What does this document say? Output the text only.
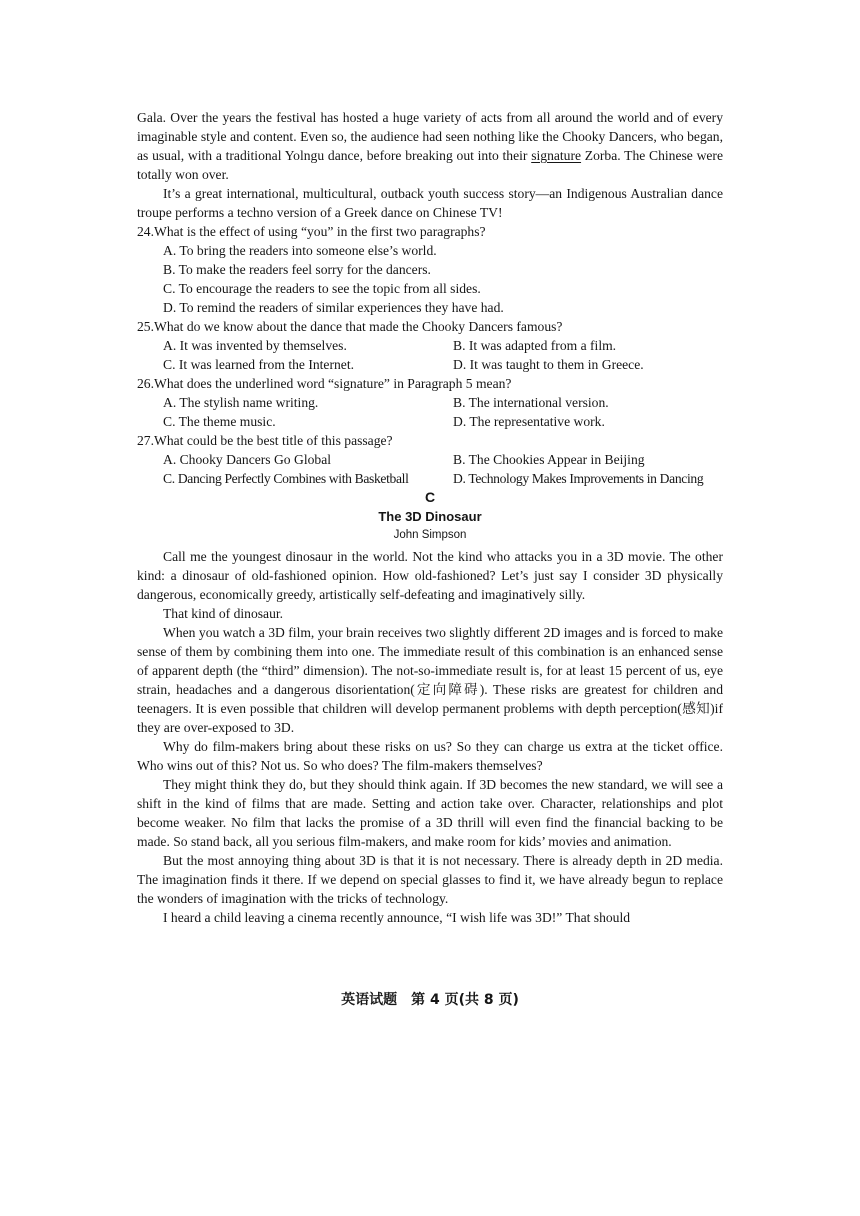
Gala. Over the years the festival has hosted a huge variety of acts from all around the world and of every imaginable style and content. Even so, the audience had seen nothing like the Chooky Dancers, who began, as usual, with a traditional Yolngu dance, before breaking out into their signature Zorba. The Chinese were totally won over.

It’s a great international, multicultural, outback youth success story—an Indigenous Australian dance troupe performs a techno version of a Greek dance on Chinese TV!

24.What is the effect of using “you” in the first two paragraphs?

A. To bring the readers into someone else’s world.

B. To make the readers feel sorry for the dancers.

C. To encourage the readers to see the topic from all sides.

D. To remind the readers of similar experiences they have had.

25.What do we know about the dance that made the Chooky Dancers famous?

A. It was invented by themselves.	B. It was adapted from a film.
C. It was learned from the Internet.	D. It was taught to them in Greece.

26.What does the underlined word “signature” in Paragraph 5 mean?

A. The stylish name writing.	B. The international version.
C. The theme music.	D. The representative work.

27.What could be the best title of this passage?

A. Chooky Dancers Go Global	B. The Chookies Appear in Beijing
C. Dancing Perfectly Combines with Basketball	D. Technology Makes Improvements in Dancing

C

The 3D Dinosaur

John Simpson

Call me the youngest dinosaur in the world. Not the kind who attacks you in a 3D movie. The other kind: a dinosaur of old-fashioned opinion. How old-fashioned? Let’s just say I consider 3D physically dangerous, economically greedy, artistically self-defeating and imaginatively silly.

That kind of dinosaur.

When you watch a 3D film, your brain receives two slightly different 2D images and is forced to make sense of them by combining them into one. The immediate result of this combination is an enhanced sense of apparent depth (the “third” dimension). The not-so-immediate result is, for at least 15 percent of us, eye strain, headaches and a dangerous disorientation(定向障碍). These risks are greatest for children and teenagers. It is even possible that children will develop permanent problems with depth perception(感知)if they are over-exposed to 3D.

Why do film-makers bring about these risks on us? So they can charge us extra at the ticket office. Who wins out of this? Not us. So who does? The film-makers themselves?

They might think they do, but they should think again. If 3D becomes the new standard, we will see a shift in the kind of films that are made. Setting and action take over. Character, relationships and plot become weaker. No film that lacks the promise of a 3D thrill will even find the financial backing to be made. So stand back, all you serious film-makers, and make room for kids’ movies and animation.

But the most annoying thing about 3D is that it is not necessary. There is already depth in 2D media. The imagination finds it there. If we depend on special glasses to find it, we have already begun to replace the wonders of imagination with the tricks of technology.

I heard a child leaving a cinema recently announce, “I wish life was 3D!” That should

英语试题　第 4 页(共 8 页)
